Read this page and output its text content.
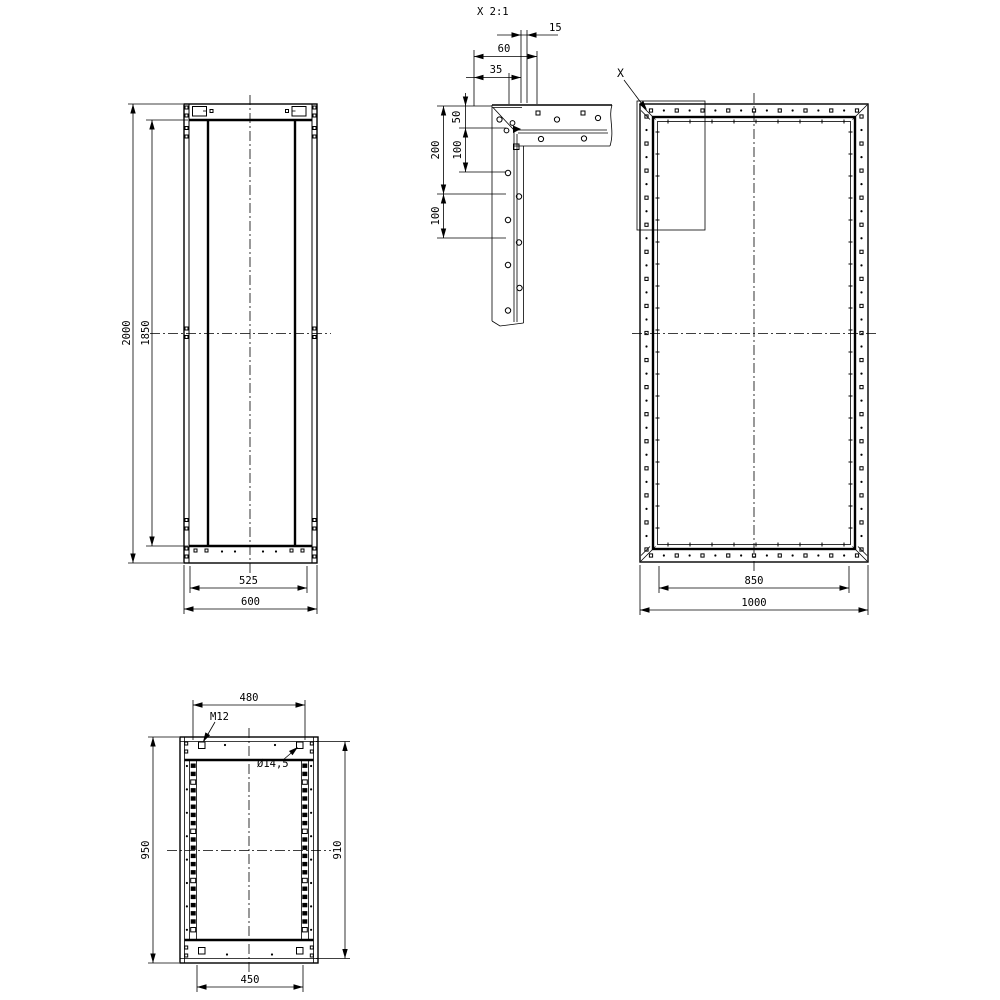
2000 1850
525
600
X 2:1
15
60
35
50
100
200
100
X
850
1000
480
M12
Ø14,5
950	910
450
